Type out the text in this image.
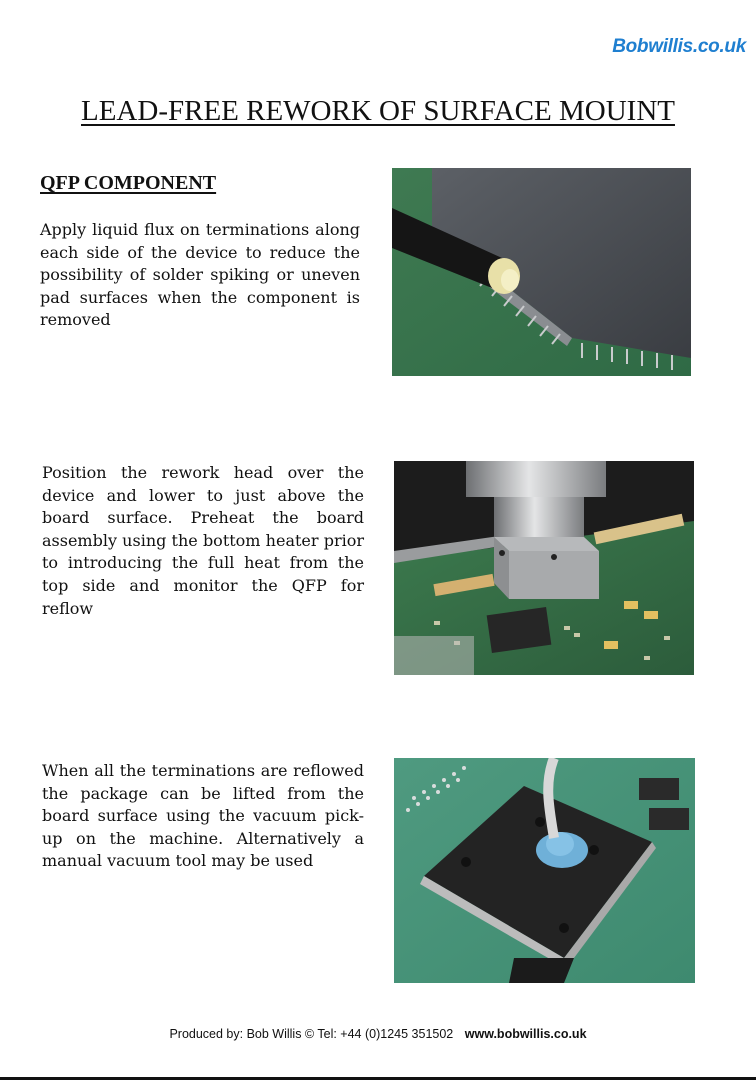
Bobwillis.co.uk
LEAD-FREE REWORK OF SURFACE MOUINT
QFP COMPONENT

Apply liquid flux on terminations along each side of the device to reduce the possibility of solder spiking or uneven pad surfaces when the component is removed

Position the rework head over the device and lower to just above the board surface. Preheat the board assembly using the bottom heater prior to introducing the full heat from the top side and monitor the QFP for reflow

When all the terminations are reflowed the package can be lifted from the board surface using the vacuum pick-up on the machine. Alternatively a manual vacuum tool may be used

Produced by: Bob Willis © Tel: +44 (0)1245 351502 www.bobwillis.co.uk
